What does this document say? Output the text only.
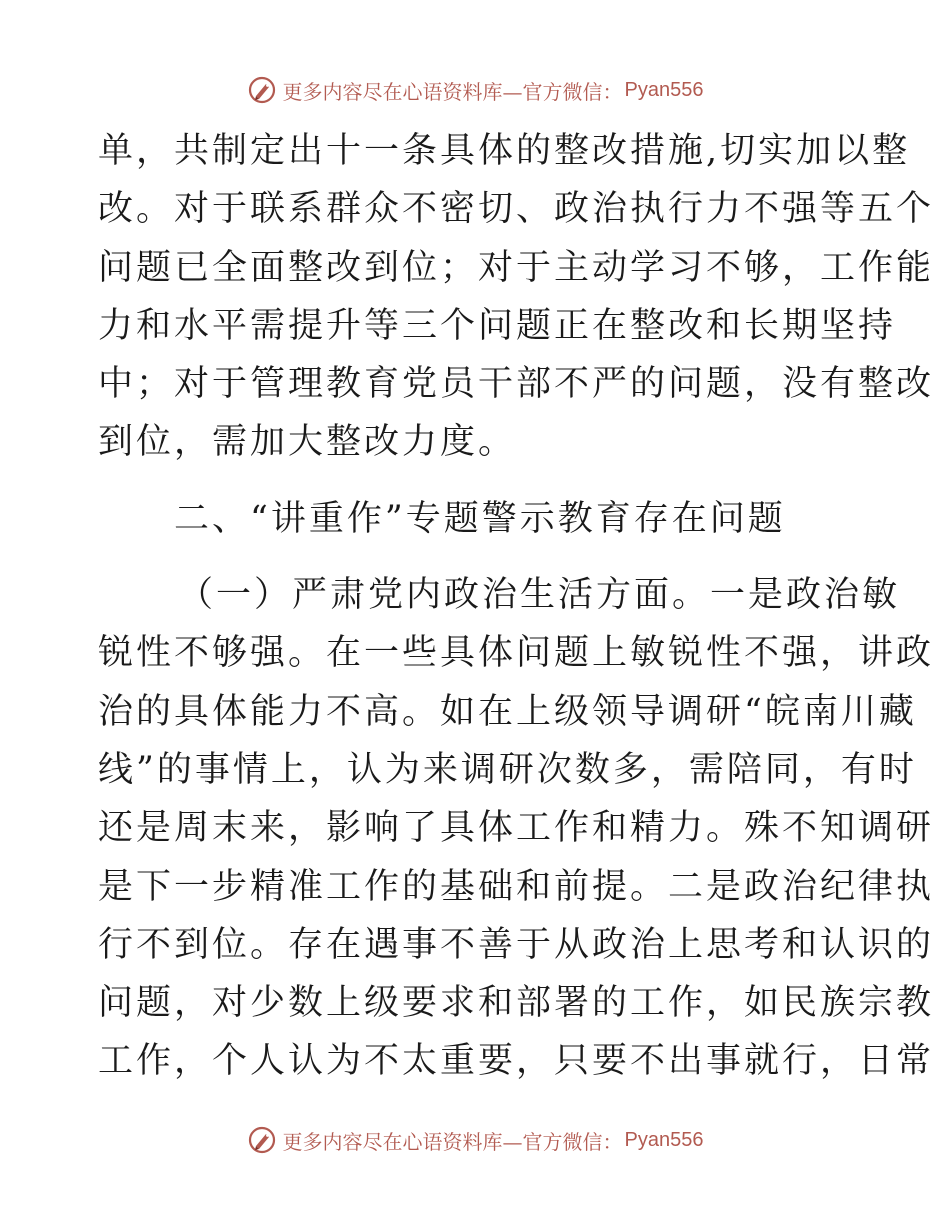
更多内容尽在心语资料库—官方微信： Pyan556
单，共制定出十一条具体的整改措施,切实加以整
改。对于联系群众不密切、政治执行力不强等五个
问题已全面整改到位；对于主动学习不够，工作能
力和水平需提升等三个问题正在整改和长期坚持
中；对于管理教育党员干部不严的问题，没有整改
到位，需加大整改力度。
二、“讲重作”专题警示教育存在问题
（一）严肃党内政治生活方面。一是政治敏
锐性不够强。在一些具体问题上敏锐性不强，讲政
治的具体能力不高。如在上级领导调研“皖南川藏
线”的事情上，认为来调研次数多，需陪同，有时
还是周末来，影响了具体工作和精力。殊不知调研
是下一步精准工作的基础和前提。二是政治纪律执
行不到位。存在遇事不善于从政治上思考和认识的
问题，对少数上级要求和部署的工作，如民族宗教
工作，个人认为不太重要，只要不出事就行，日常
更多内容尽在心语资料库—官方微信： Pyan556
